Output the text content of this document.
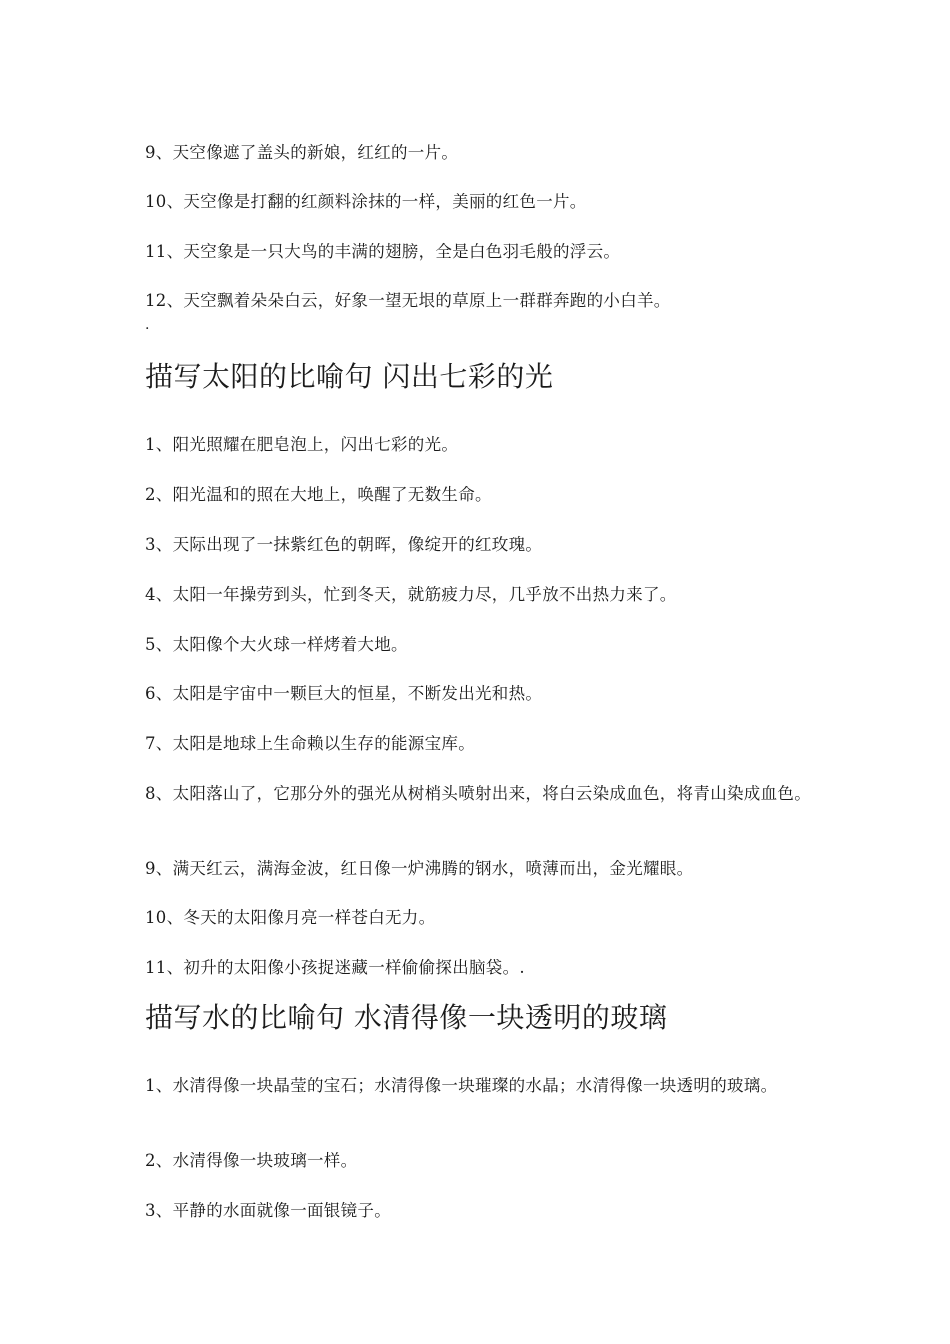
9、天空像遮了盖头的新娘，红红的一片。

10、天空像是打翻的红颜料涂抹的一样，美丽的红色一片。

11、天空象是一只大鸟的丰满的翅膀，全是白色羽毛般的浮云。

12、天空飘着朵朵白云，好象一望无垠的草原上一群群奔跑的小白羊。

.
描写太阳的比喻句 闪出七彩的光

1、阳光照耀在肥皂泡上，闪出七彩的光。

2、阳光温和的照在大地上，唤醒了无数生命。

3、天际出现了一抹紫红色的朝晖，像绽开的红玫瑰。

4、太阳一年操劳到头，忙到冬天，就筋疲力尽，几乎放不出热力来了。

5、太阳像个大火球一样烤着大地。

6、太阳是宇宙中一颗巨大的恒星，不断发出光和热。

7、太阳是地球上生命赖以生存的能源宝库。

8、太阳落山了，它那分外的强光从树梢头喷射出来，将白云染成血色，将青山染成血色。

9、满天红云，满海金波，红日像一炉沸腾的钢水，喷薄而出，金光耀眼。

10、冬天的太阳像月亮一样苍白无力。

11、初升的太阳像小孩捉迷藏一样偷偷探出脑袋。.

描写水的比喻句 水清得像一块透明的玻璃

1、水清得像一块晶莹的宝石；水清得像一块璀璨的水晶；水清得像一块透明的玻璃。

2、水清得像一块玻璃一样。

3、平静的水面就像一面银镜子。
